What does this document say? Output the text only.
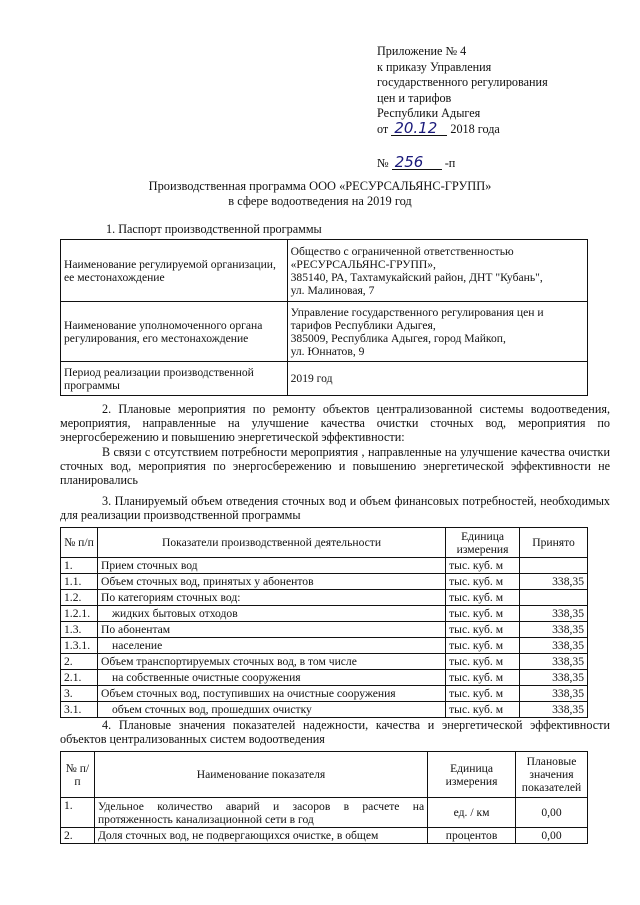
Приложение № 4
к приказу Управления
государственного регулирования
цен и тарифов
Республики Адыгея
от 20.12 2018 года
№ 256 -п
Производственная программа ООО «РЕСУРСАЛЬЯНС-ГРУПП»
в сфере водоотведения на 2019 год
1. Паспорт производственной программы
Наименование регулируемой организации, ее местонахождение	Общество с ограниченной ответственностью «РЕСУРСАЛЬЯНС-ГРУПП»,
385140, РА, Тахтамукайский район, ДНТ "Кубань",
ул. Малиновая, 7

Наименование уполномоченного органа регулирования, его местонахождение	Управление государственного регулирования цен и тарифов Республики Адыгея,
385009, Республика Адыгея, город Майкоп,
ул. Юннатов, 9

Период реализации производственной программы	2019 год
2. Плановые мероприятия по ремонту объектов централизованной системы водоотведения, мероприятия, направленные на улучшение качества очистки сточных вод, мероприятия по энергосбережению и повышению энергетической эффективности:
В связи с отсутствием потребности мероприятия , направленные на улучшение качества очистки сточных вод, мероприятия по энергосбережению и повышению энергетической эффективности не планировались
3. Планируемый объем отведения сточных вод и объем финансовых потребностей, необходимых для реализации производственной программы
№ п/п	Показатели производственной деятельности	Единица измерения	Принято
1.	Прием сточных вод	тыс. куб. м	
1.1.	Объем сточных вод, принятых у абонентов	тыс. куб. м	338,35
1.2.	По категориям сточных вод:	тыс. куб. м	
1.2.1.	жидких бытовых отходов	тыс. куб. м	338,35
1.3.	По абонентам	тыс. куб. м	338,35
1.3.1.	население	тыс. куб. м	338,35
2.	Объем транспортируемых сточных вод, в том числе	тыс. куб. м	338,35
2.1.	на собственные очистные сооружения	тыс. куб. м	338,35
3.	Объем сточных вод, поступивших на очистные сооружения	тыс. куб. м	338,35
3.1.	объем сточных вод, прошедших очистку	тыс. куб. м	338,35
4. Плановые значения показателей надежности, качества и энергетической эффективности объектов централизованных систем водоотведения
№ п/п	Наименование показателя	Единица измерения	Плановые значения показателей
1.	Удельное количество аварий и засоров в расчете на протяженность канализационной сети в год	ед. / км	0,00
2.	Доля сточных вод, не подвергающихся очистке, в общем	процентов	0,00
